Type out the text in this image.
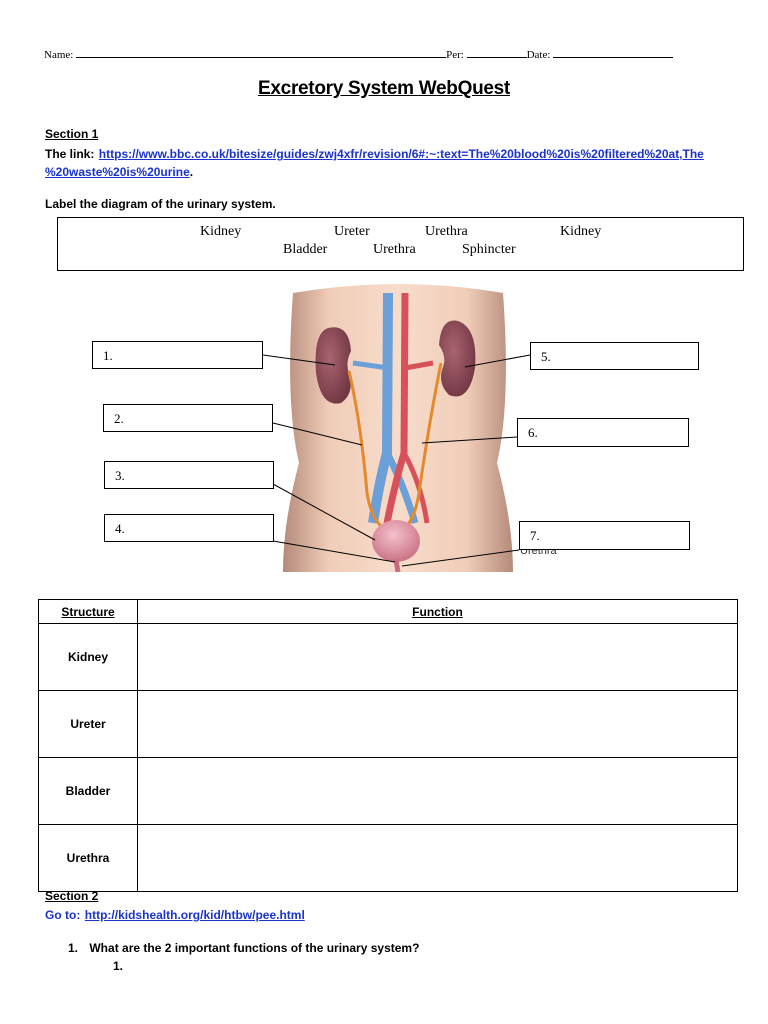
Name:	Per:	Date:
Excretory System WebQuest
Section 1
The link: https://www.bbc.co.uk/bitesize/guides/zwj4xfr/revision/6#:~:text=The%20blood%20is%20filtered%20at,The
%20waste%20is%20urine.
Label the diagram of the urinary system.
Kidney	Ureter	Urethra	Kidney
Bladder	Urethra	Sphincter
1.
2.
3.
4.
5.
6.
7.
Structure	Function
Kidney	
Ureter	
Bladder	
Urethra	
Section 2
Go to: http://kidshealth.org/kid/htbw/pee.html
1. What are the 2 important functions of the urinary system?
1.
